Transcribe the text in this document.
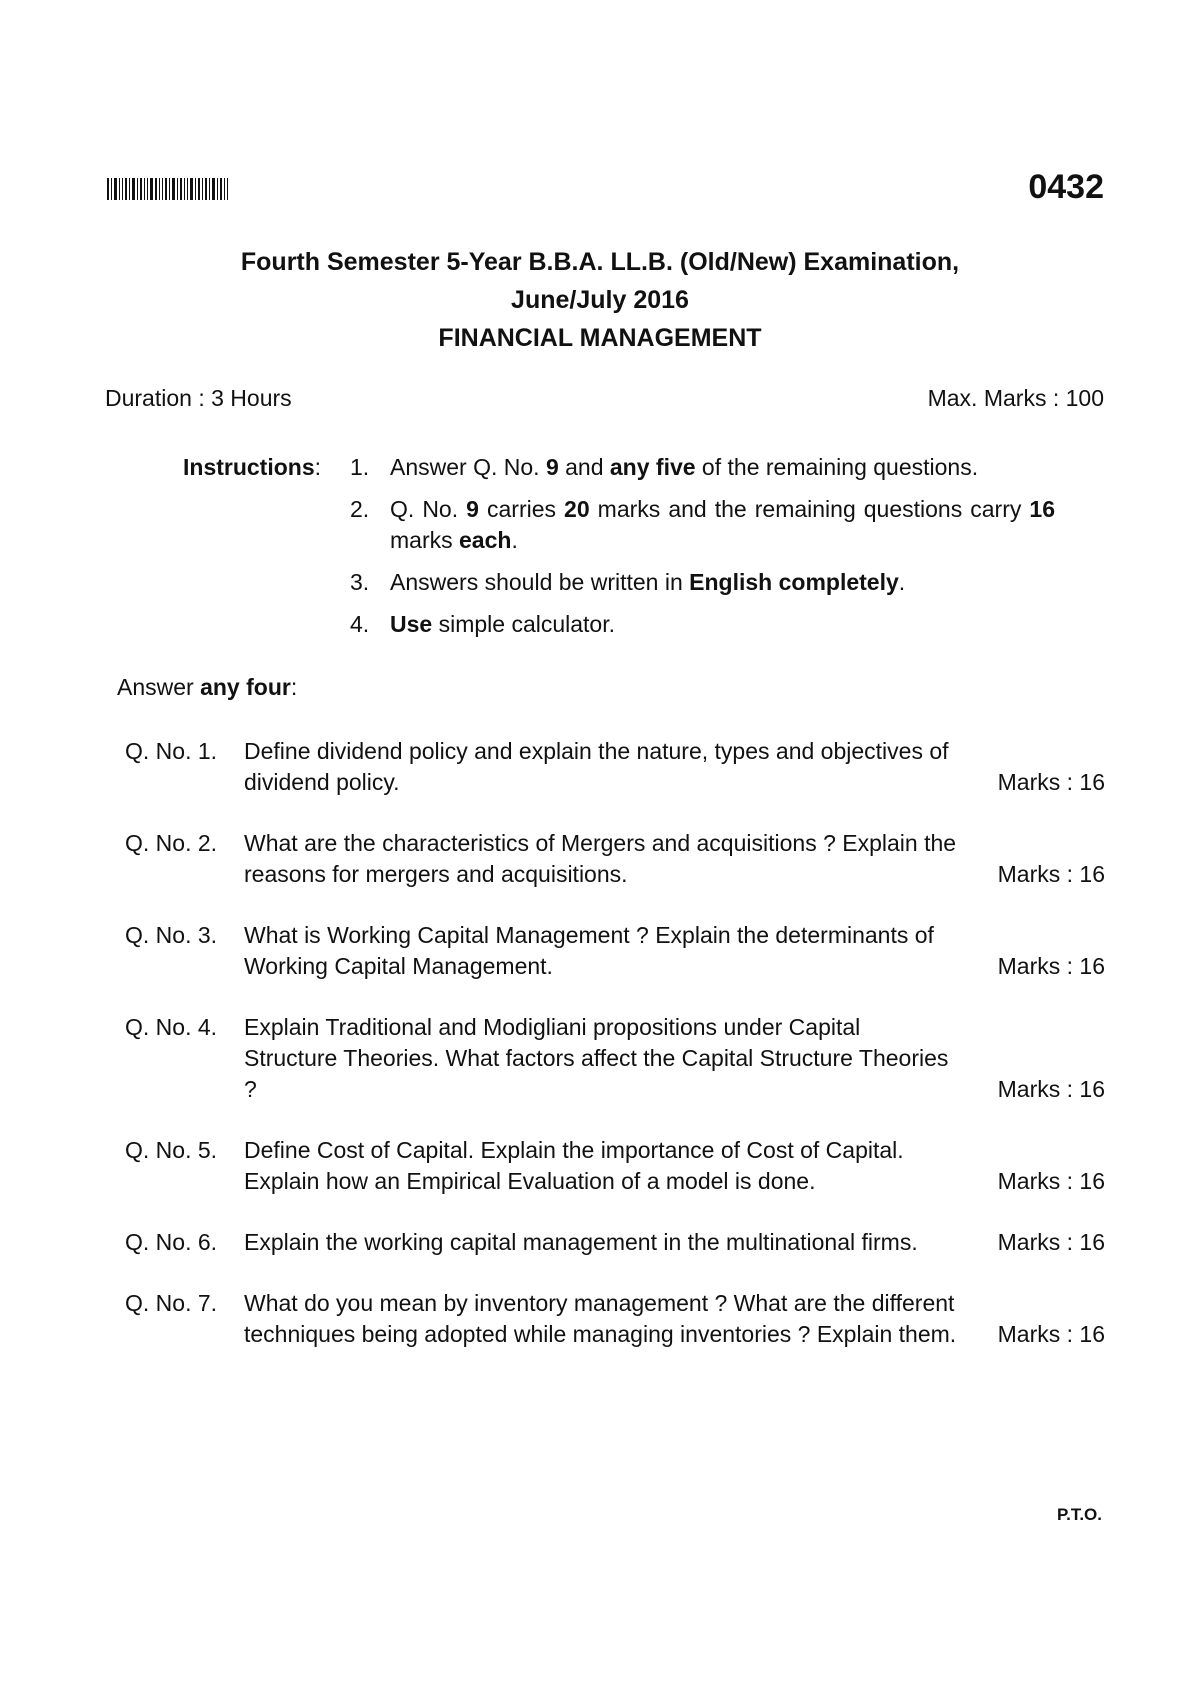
0432
Fourth Semester 5-Year B.B.A. LL.B. (Old/New) Examination,
June/July 2016
FINANCIAL MANAGEMENT
Duration : 3 Hours	Max. Marks : 100
Instructions: 1. Answer Q. No. 9 and any five of the remaining questions.
2. Q. No. 9 carries 20 marks and the remaining questions carry 16 marks each.
3. Answers should be written in English completely.
4. Use simple calculator.
Answer any four:
Q. No. 1.	Define dividend policy and explain the nature, types and objectives of dividend policy.	Marks : 16
Q. No. 2.	What are the characteristics of Mergers and acquisitions ? Explain the reasons for mergers and acquisitions.	Marks : 16
Q. No. 3.	What is Working Capital Management ? Explain the determinants of Working Capital Management.	Marks : 16
Q. No. 4.	Explain Traditional and Modigliani propositions under Capital Structure Theories. What factors affect the Capital Structure Theories ?	Marks : 16
Q. No. 5.	Define Cost of Capital. Explain the importance of Cost of Capital. Explain how an Empirical Evaluation of a model is done.	Marks : 16
Q. No. 6.	Explain the working capital management in the multinational firms.	Marks : 16
Q. No. 7.	What do you mean by inventory management ? What are the different techniques being adopted while managing inventories ? Explain them.	Marks : 16
P.T.O.
